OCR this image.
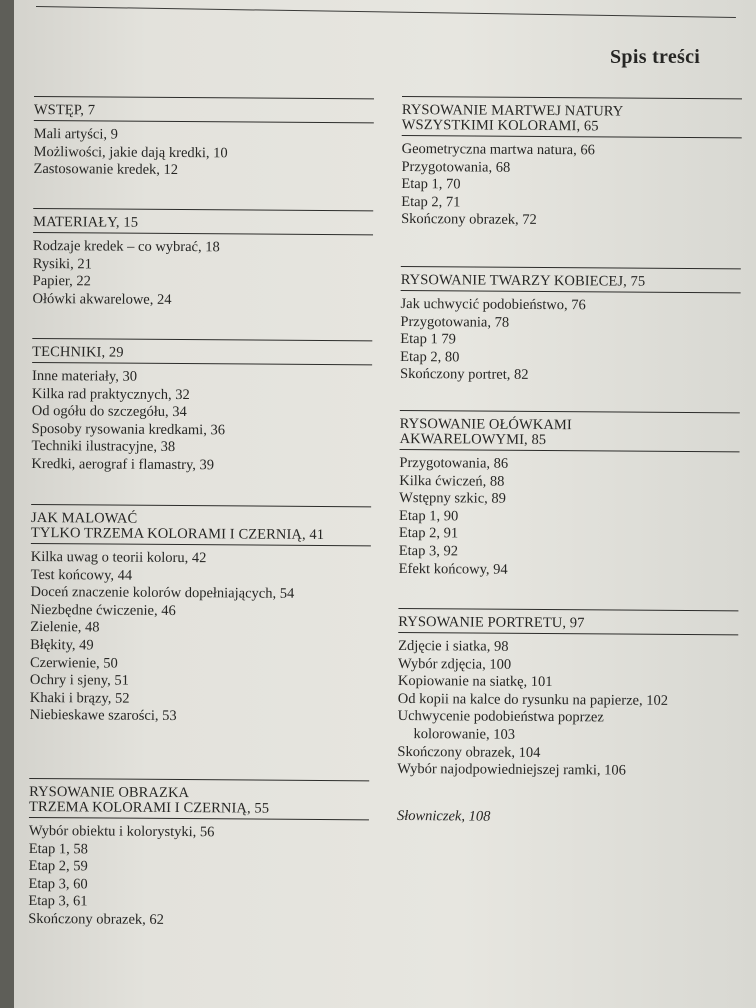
Spis treści
WSTĘP, 7
Mali artyści, 9
Możliwości, jakie dają kredki, 10
Zastosowanie kredek, 12
MATERIAŁY, 15
Rodzaje kredek – co wybrać, 18
Rysiki, 21
Papier, 22
Ołówki akwarelowe, 24
TECHNIKI, 29
Inne materiały, 30
Kilka rad praktycznych, 32
Od ogółu do szczegółu, 34
Sposoby rysowania kredkami, 36
Techniki ilustracyjne, 38
Kredki, aerograf i flamastry, 39
JAK MALOWAĆ
TYLKO TRZEMA KOLORAMI I CZERNIĄ, 41
Kilka uwag o teorii koloru, 42
Test końcowy, 44
Doceń znaczenie kolorów dopełniających, 54
Niezbędne ćwiczenie, 46
Zielenie, 48
Błękity, 49
Czerwienie, 50
Ochry i sjeny, 51
Khaki i brązy, 52
Niebieskawe szarości, 53
RYSOWANIE OBRAZKA
TRZEMA KOLORAMI I CZERNIĄ, 55
Wybór obiektu i kolorystyki, 56
Etap 1, 58
Etap 2, 59
Etap 3, 60
Etap 3, 61
Skończony obrazek, 62
RYSOWANIE MARTWEJ NATURY
WSZYSTKIMI KOLORAMI, 65
Geometryczna martwa natura, 66
Przygotowania, 68
Etap 1, 70
Etap 2, 71
Skończony obrazek, 72
RYSOWANIE TWARZY KOBIECEJ, 75
Jak uchwycić podobieństwo, 76
Przygotowania, 78
Etap 1 79
Etap 2, 80
Skończony portret, 82
RYSOWANIE OŁÓWKAMI
AKWARELOWYMI, 85
Przygotowania, 86
Kilka ćwiczeń, 88
Wstępny szkic, 89
Etap 1, 90
Etap 2, 91
Etap 3, 92
Efekt końcowy, 94
RYSOWANIE PORTRETU, 97
Zdjęcie i siatka, 98
Wybór zdjęcia, 100
Kopiowanie na siatkę, 101
Od kopii na kalce do rysunku na papierze, 102
Uchwycenie podobieństwa poprzez
kolorowanie, 103
Skończony obrazek, 104
Wybór najodpowiedniejszej ramki, 106
Słowniczek, 108
